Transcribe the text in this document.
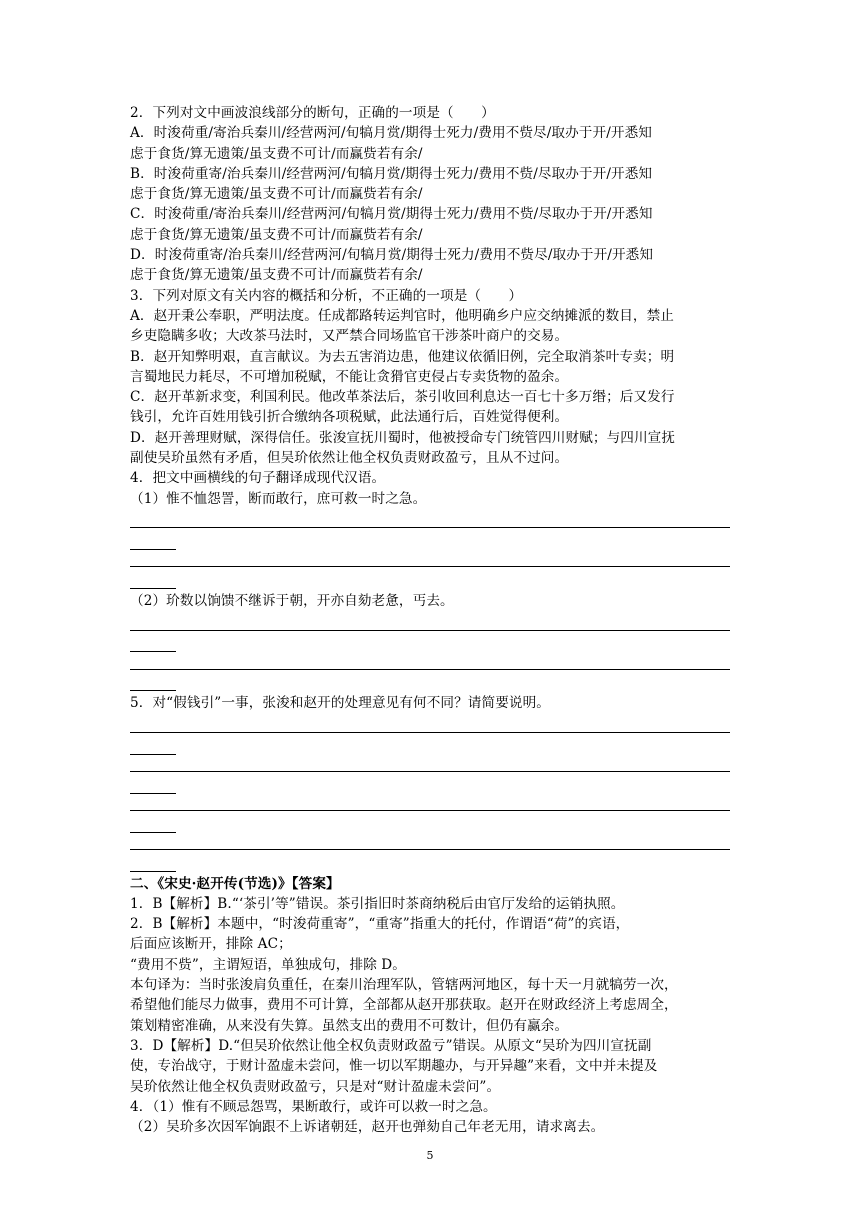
2．下列对文中画波浪线部分的断句，正确的一项是（　　）

A．时浚荷重/寄治兵秦川/经营两河/旬犒月赏/期得士死力/费用不赀尽/取办于开/开悉知

虑于食货/算无遗策/虽支费不可计/而赢赀若有余/

B．时浚荷重寄/治兵秦川/经营两河/旬犒月赏/期得士死力/费用不赀/尽取办于开/开悉知

虑于食货/算无遗策/虽支费不可计/而赢赀若有余/

C．时浚荷重/寄治兵秦川/经营两河/旬犒月赏/期得士死力/费用不赀/尽取办于开/开悉知

虑于食货/算无遗策/虽支费不可计/而赢赀若有余/

D．时浚荷重寄/治兵秦川/经营两河/旬犒月赏/期得士死力/费用不赀尽/取办于开/开悉知

虑于食货/算无遗策/虽支费不可计/而赢赀若有余/

3．下列对原文有关内容的概括和分析，不正确的一项是（　　）

A．赵开秉公奉职，严明法度。任成都路转运判官时，他明确乡户应交纳摊派的数目，禁止

乡吏隐瞒多收；大改茶马法时，又严禁合同场监官干涉茶叶商户的交易。

B．赵开知弊明艰，直言献议。为去五害消边患，他建议依循旧例，完全取消茶叶专卖；明

言蜀地民力耗尽，不可增加税赋，不能让贪猾官吏侵占专卖货物的盈余。

C．赵开革新求变，利国利民。他改革茶法后，茶引收回利息达一百七十多万缗；后又发行

钱引，允许百姓用钱引折合缴纳各项税赋，此法通行后，百姓觉得便利。

D．赵开善理财赋，深得信任。张浚宣抚川蜀时，他被授命专门统管四川财赋；与四川宣抚

副使吴玠虽然有矛盾，但吴玠依然让他全权负责财政盈亏，且从不过问。

4．把文中画横线的句子翻译成现代汉语。

（1）惟不恤怨詈，断而敢行，庶可救一时之急。

（2）玠数以饷馈不继诉于朝，开亦自劾老惫，丐去。

5．对“假钱引”一事，张浚和赵开的处理意见有何不同？请简要说明。

二、《宋史·赵开传(节选)》【答案】

1．B【解析】B.“‘茶引’等”错误。茶引指旧时茶商纳税后由官厅发给的运销执照。

2．B【解析】本题中，“时浚荷重寄”，“重寄”指重大的托付，作谓语“荷”的宾语，

后面应该断开，排除 AC；

“费用不赀”，主谓短语，单独成句，排除 D。

本句译为：当时张浚肩负重任，在秦川治理军队，管辖两河地区，每十天一月就犒劳一次，

希望他们能尽力做事，费用不可计算，全部都从赵开那获取。赵开在财政经济上考虑周全，

策划精密准确，从来没有失算。虽然支出的费用不可数计，但仍有赢余。

3．D【解析】D.“但吴玠依然让他全权负责财政盈亏”错误。从原文“吴玠为四川宣抚副

使，专治战守，于财计盈虚未尝问，惟一切以军期趣办，与开异趣”来看，文中并未提及

吴玠依然让他全权负责财政盈亏，只是对“财计盈虚未尝问”。

4．（1）惟有不顾忌怨骂，果断敢行，或许可以救一时之急。

（2）吴玠多次因军饷跟不上诉诸朝廷，赵开也弹劾自己年老无用，请求离去。

5
